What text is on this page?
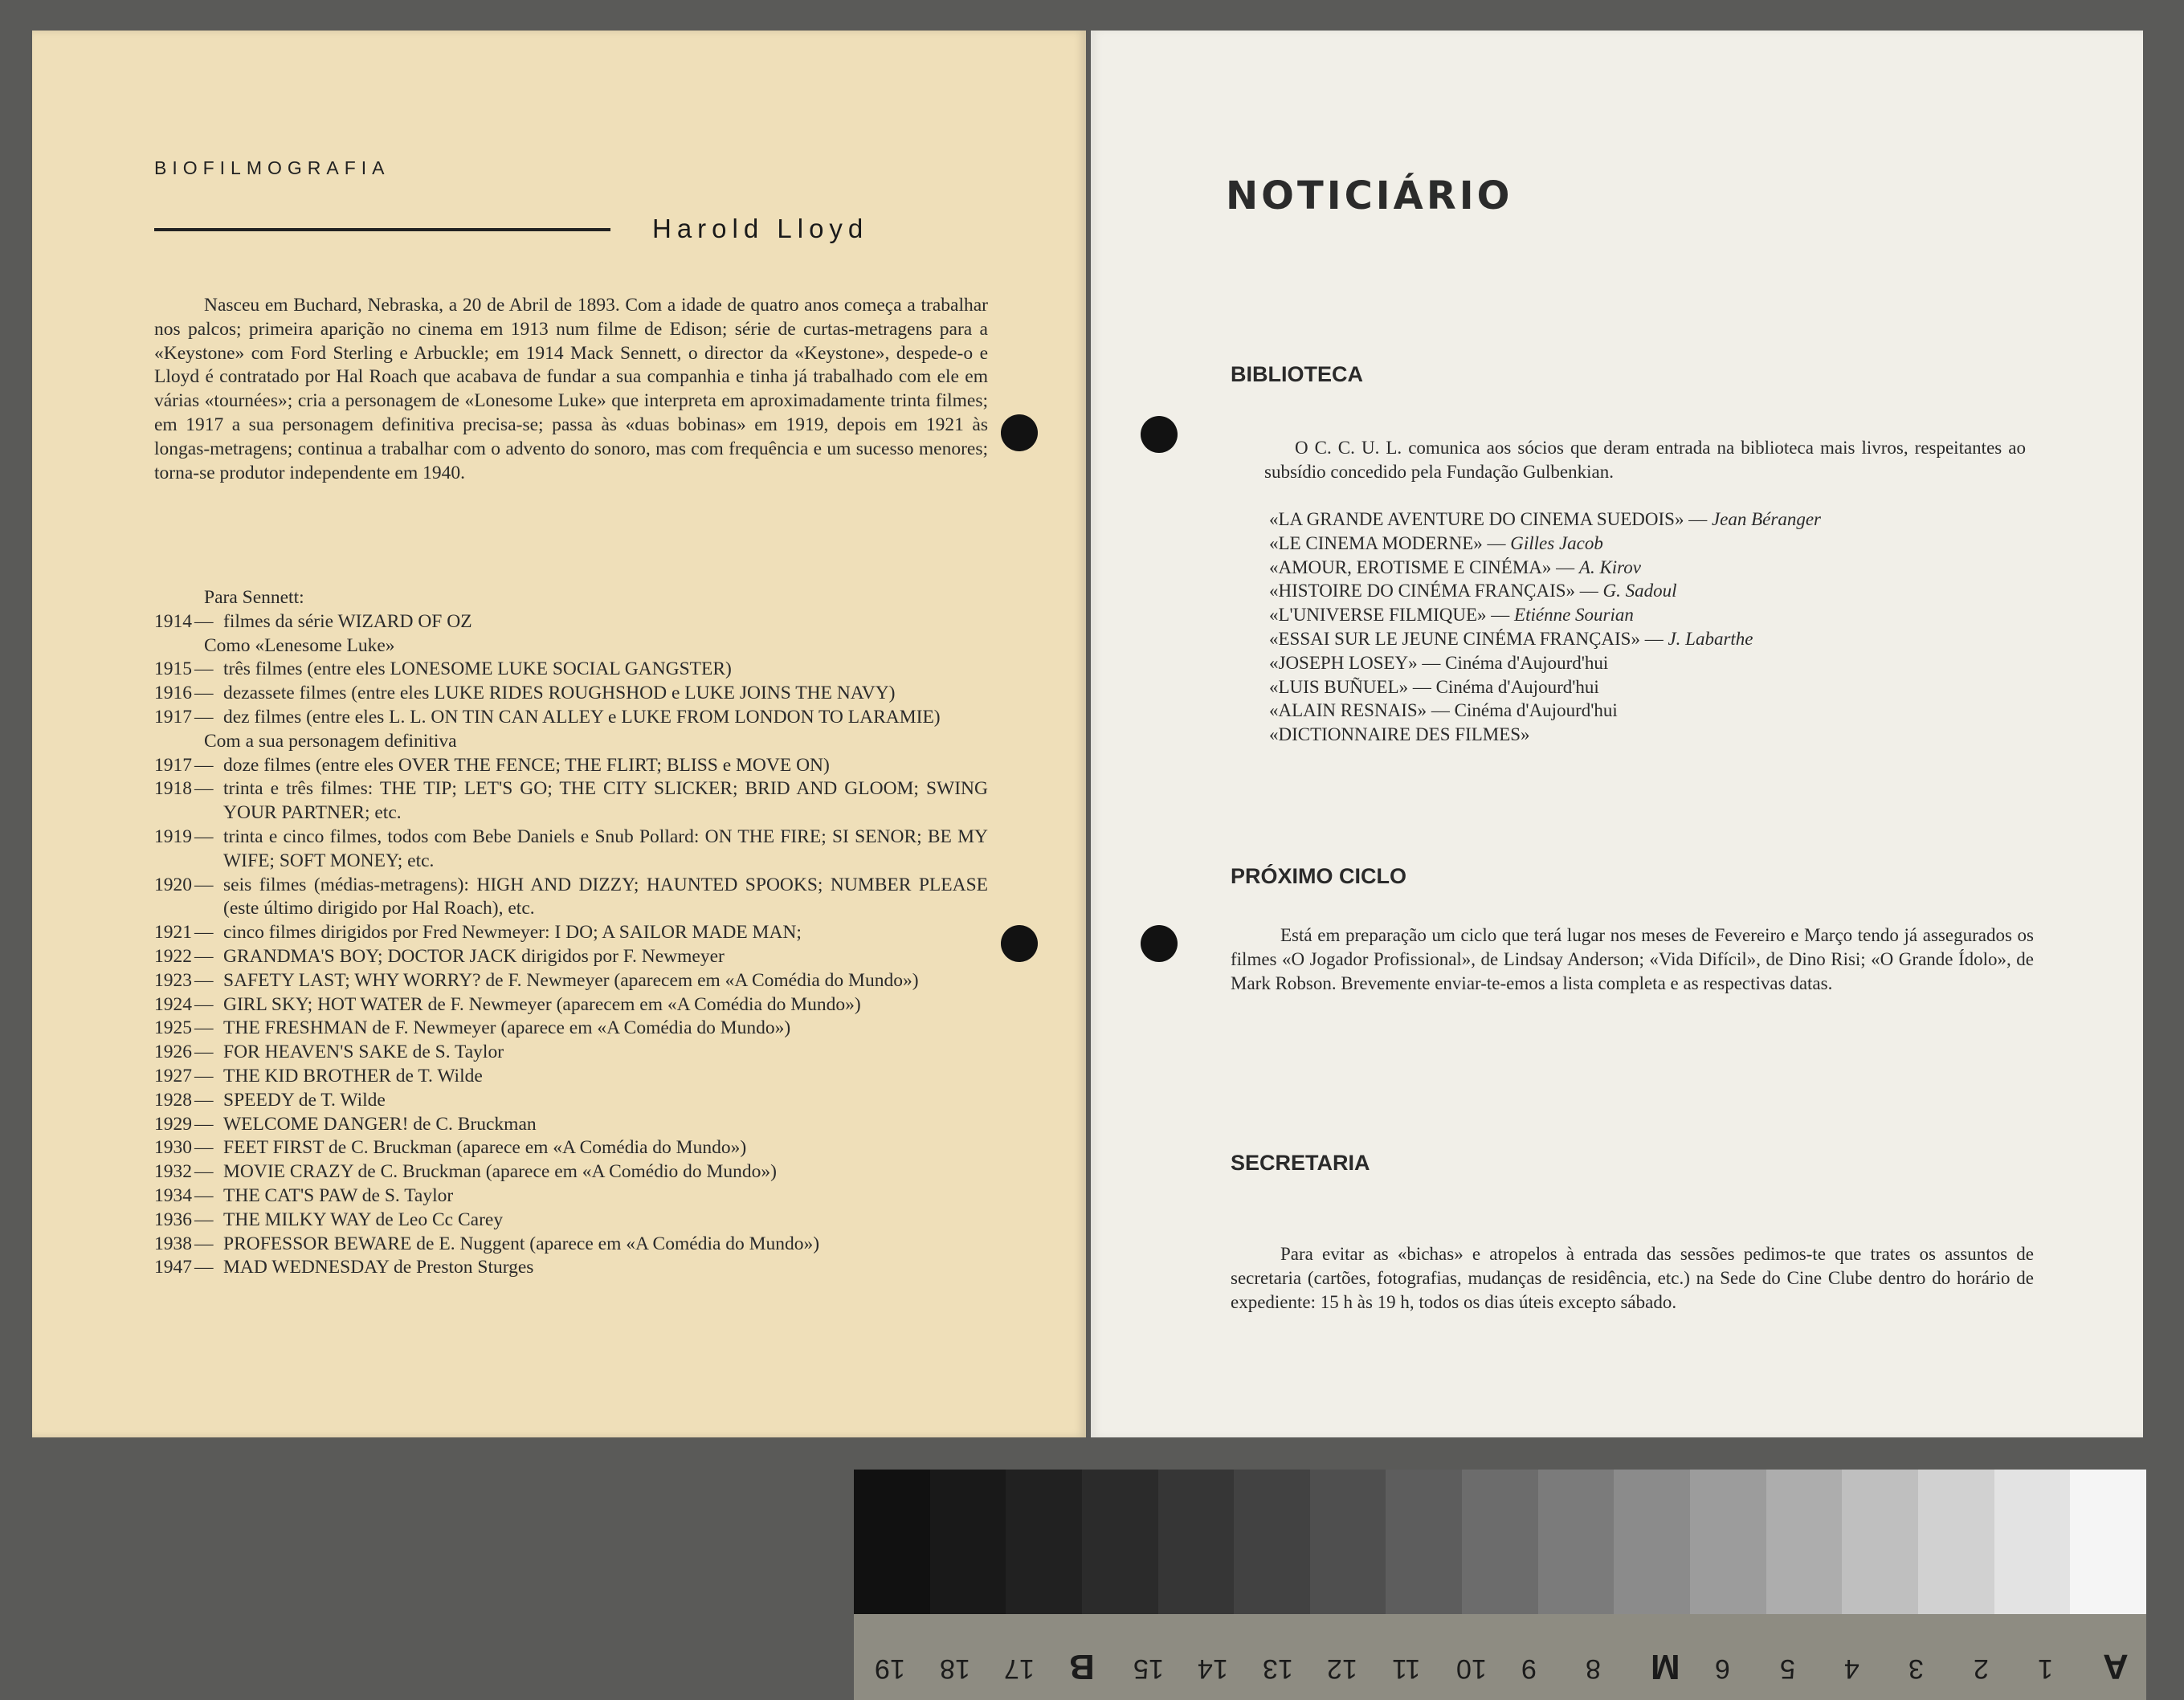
BIOFILMOGRAFIA
Harold Lloyd

Nasceu em Buchard, Nebraska, a 20 de Abril de 1893. Com a idade de quatro anos começa a trabalhar nos palcos; primeira aparição no cinema em 1913 num filme de Edison; série de curtas-metragens para a «Keystone» com Ford Sterling e Arbuckle; em 1914 Mack Sennett, o director da «Keystone», despede-o e Lloyd é contratado por Hal Roach que acabava de fundar a sua companhia e tinha já trabalhado com ele em várias «tournées»; cria a personagem de «Lonesome Luke» que interpreta em aproximadamente trinta filmes; em 1917 a sua personagem definitiva precisa-se; passa às «duas bobinas» em 1919, depois em 1921 às longas-metragens; continua a trabalhar com o advento do sonoro, mas com frequência e um sucesso menores; torna-se produtor independente em 1940.

Para Sennett:
1914 — filmes da série WIZARD OF OZ
Como «Lenesome Luke»
1915 — três filmes (entre eles LONESOME LUKE SOCIAL GANGSTER)
1916 — dezassete filmes (entre eles LUKE RIDES ROUGHSHOD e LUKE JOINS THE NAVY)
1917 — dez filmes (entre eles L. L. ON TIN CAN ALLEY e LUKE FROM LONDON TO LARAMIE)
Com a sua personagem definitiva
1917 — doze filmes (entre eles OVER THE FENCE; THE FLIRT; BLISS e MOVE ON)
1918 — trinta e três filmes: THE TIP; LET'S GO; THE CITY SLICKER; BRID AND GLOOM; SWING YOUR PARTNER; etc.
1919 — trinta e cinco filmes, todos com Bebe Daniels e Snub Pollard: ON THE FIRE; SI SENOR; BE MY WIFE; SOFT MONEY; etc.
1920 — seis filmes (médias-metragens): HIGH AND DIZZY; HAUNTED SPOOKS; NUMBER PLEASE (este último dirigido por Hal Roach), etc.
1921 — cinco filmes dirigidos por Fred Newmeyer: I DO; A SAILOR MADE MAN;
1922 — GRANDMA'S BOY; DOCTOR JACK dirigidos por F. Newmeyer
1923 — SAFETY LAST; WHY WORRY? de F. Newmeyer (aparecem em «A Comédia do Mundo»)
1924 — GIRL SKY; HOT WATER de F. Newmeyer (aparecem em «A Comédia do Mundo»)
1925 — THE FRESHMAN de F. Newmeyer (aparece em «A Comédia do Mundo»)
1926 — FOR HEAVEN'S SAKE de S. Taylor
1927 — THE KID BROTHER de T. Wilde
1928 — SPEEDY de T. Wilde
1929 — WELCOME DANGER! de C. Bruckman
1930 — FEET FIRST de C. Bruckman (aparece em «A Comédia do Mundo»)
1932 — MOVIE CRAZY de C. Bruckman (aparece em «A Comédio do Mundo»)
1934 — THE CAT'S PAW de S. Taylor
1936 — THE MILKY WAY de Leo Cc Carey
1938 — PROFESSOR BEWARE de E. Nuggent (aparece em «A Comédia do Mundo»)
1947 — MAD WEDNESDAY de Preston Sturges
NOTICIÁRIO
BIBLIOTECA

O C. C. U. L. comunica aos sócios que deram entrada na biblioteca mais livros, respeitantes ao subsídio concedido pela Fundação Gulbenkian.

«LA GRANDE AVENTURE DO CINEMA SUEDOIS» — Jean Béranger
«LE CINEMA MODERNE» — Gilles Jacob
«AMOUR, EROTISME E CINÉMA» — A. Kirov
«HISTOIRE DO CINÉMA FRANÇAIS» — G. Sadoul
«L'UNIVERSE FILMIQUE» — Etiénne Sourian
«ESSAI SUR LE JEUNE CINÉMA FRANÇAIS» — J. Labarthe
«JOSEPH LOSEY» — Cinéma d'Aujourd'hui
«LUIS BUÑUEL» — Cinéma d'Aujourd'hui
«ALAIN RESNAIS» — Cinéma d'Aujourd'hui
«DICTIONNAIRE DES FILMES»
PRÓXIMO CICLO

Está em preparação um ciclo que terá lugar nos meses de Fevereiro e Março tendo já assegurados os filmes «O Jogador Profissional», de Lindsay Anderson; «Vida Difícil», de Dino Risi; «O Grande Ídolo», de Mark Robson. Brevemente enviar-te-emos a lista completa e as respectivas datas.

SECRETARIA

Para evitar as «bichas» e atropelos à entrada das sessões pedimos-te que trates os assuntos de secretaria (cartões, fotografias, mudanças de residência, etc.) na Sede do Cine Clube dentro do horário de expediente: 15 h às 19 h, todos os dias úteis excepto sábado.

19 18 17 B 15 14 13 12 11 10 9 8 M 6 5 4 3 2 1 A
